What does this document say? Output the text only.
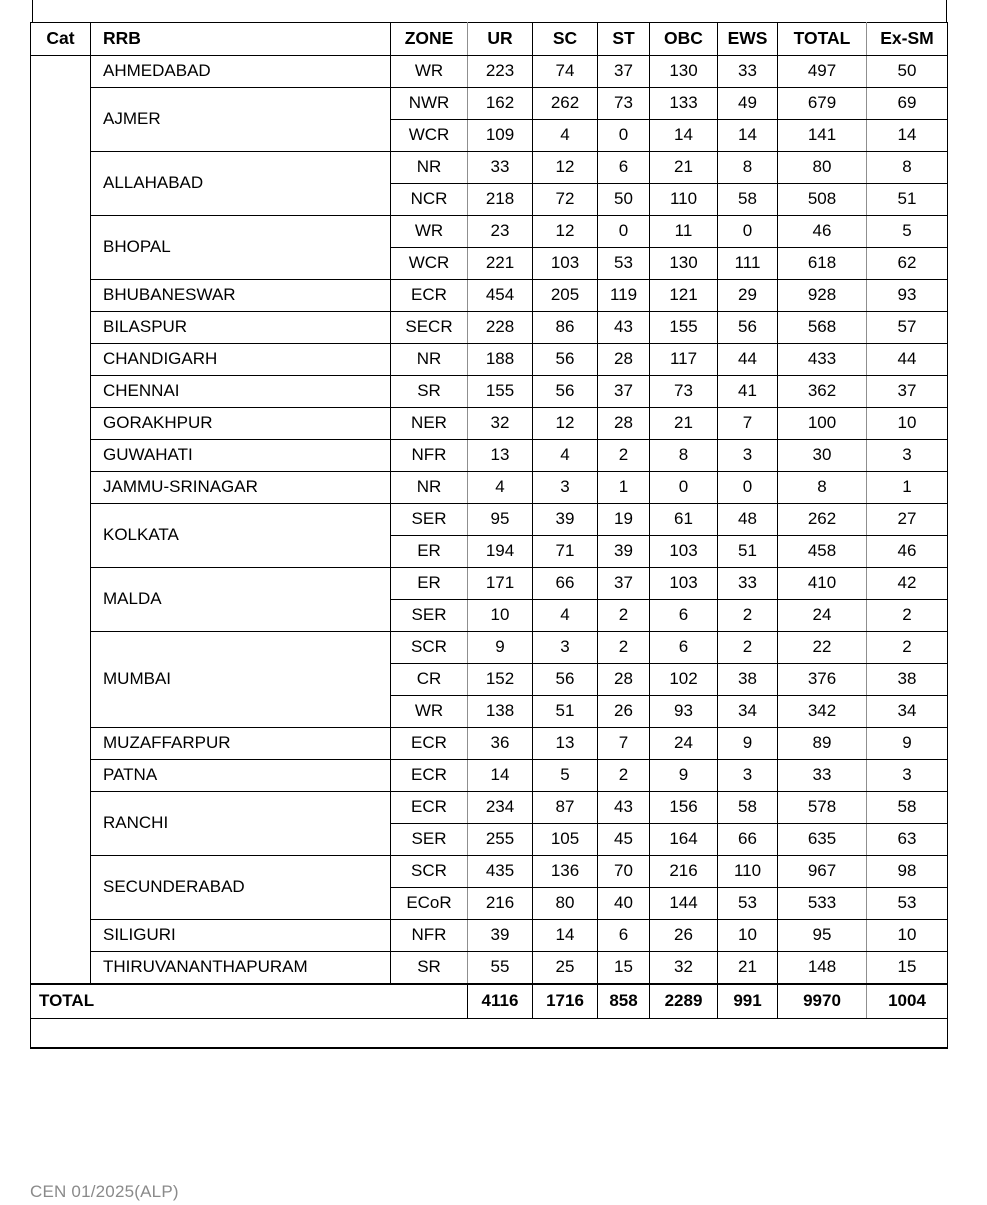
Cat	RRB	ZONE	UR	SC	ST	OBC	EWS	TOTAL	Ex-SM
	AHMEDABAD	WR	223	74	37	130	33	497	50
	AJMER	NWR	162	262	73	133	49	679	69
		WCR	109	4	0	14	14	141	14
	ALLAHABAD	NR	33	12	6	21	8	80	8
		NCR	218	72	50	110	58	508	51
	BHOPAL	WR	23	12	0	11	0	46	5
		WCR	221	103	53	130	111	618	62
	BHUBANESWAR	ECR	454	205	119	121	29	928	93
	BILASPUR	SECR	228	86	43	155	56	568	57
	CHANDIGARH	NR	188	56	28	117	44	433	44
	CHENNAI	SR	155	56	37	73	41	362	37
	GORAKHPUR	NER	32	12	28	21	7	100	10
	GUWAHATI	NFR	13	4	2	8	3	30	3
	JAMMU-SRINAGAR	NR	4	3	1	0	0	8	1
	KOLKATA	SER	95	39	19	61	48	262	27
		ER	194	71	39	103	51	458	46
	MALDA	ER	171	66	37	103	33	410	42
		SER	10	4	2	6	2	24	2
	MUMBAI	SCR	9	3	2	6	2	22	2
		CR	152	56	28	102	38	376	38
		WR	138	51	26	93	34	342	34
	MUZAFFARPUR	ECR	36	13	7	24	9	89	9
	PATNA	ECR	14	5	2	9	3	33	3
	RANCHI	ECR	234	87	43	156	58	578	58
		SER	255	105	45	164	66	635	63
	SECUNDERABAD	SCR	435	136	70	216	110	967	98
		ECoR	216	80	40	144	53	533	53
	SILIGURI	NFR	39	14	6	26	10	95	10
	THIRUVANANTHAPURAM	SR	55	25	15	32	21	148	15
TOTAL			4116	1716	858	2289	991	9970	1004

CEN 01/2025(ALP)
